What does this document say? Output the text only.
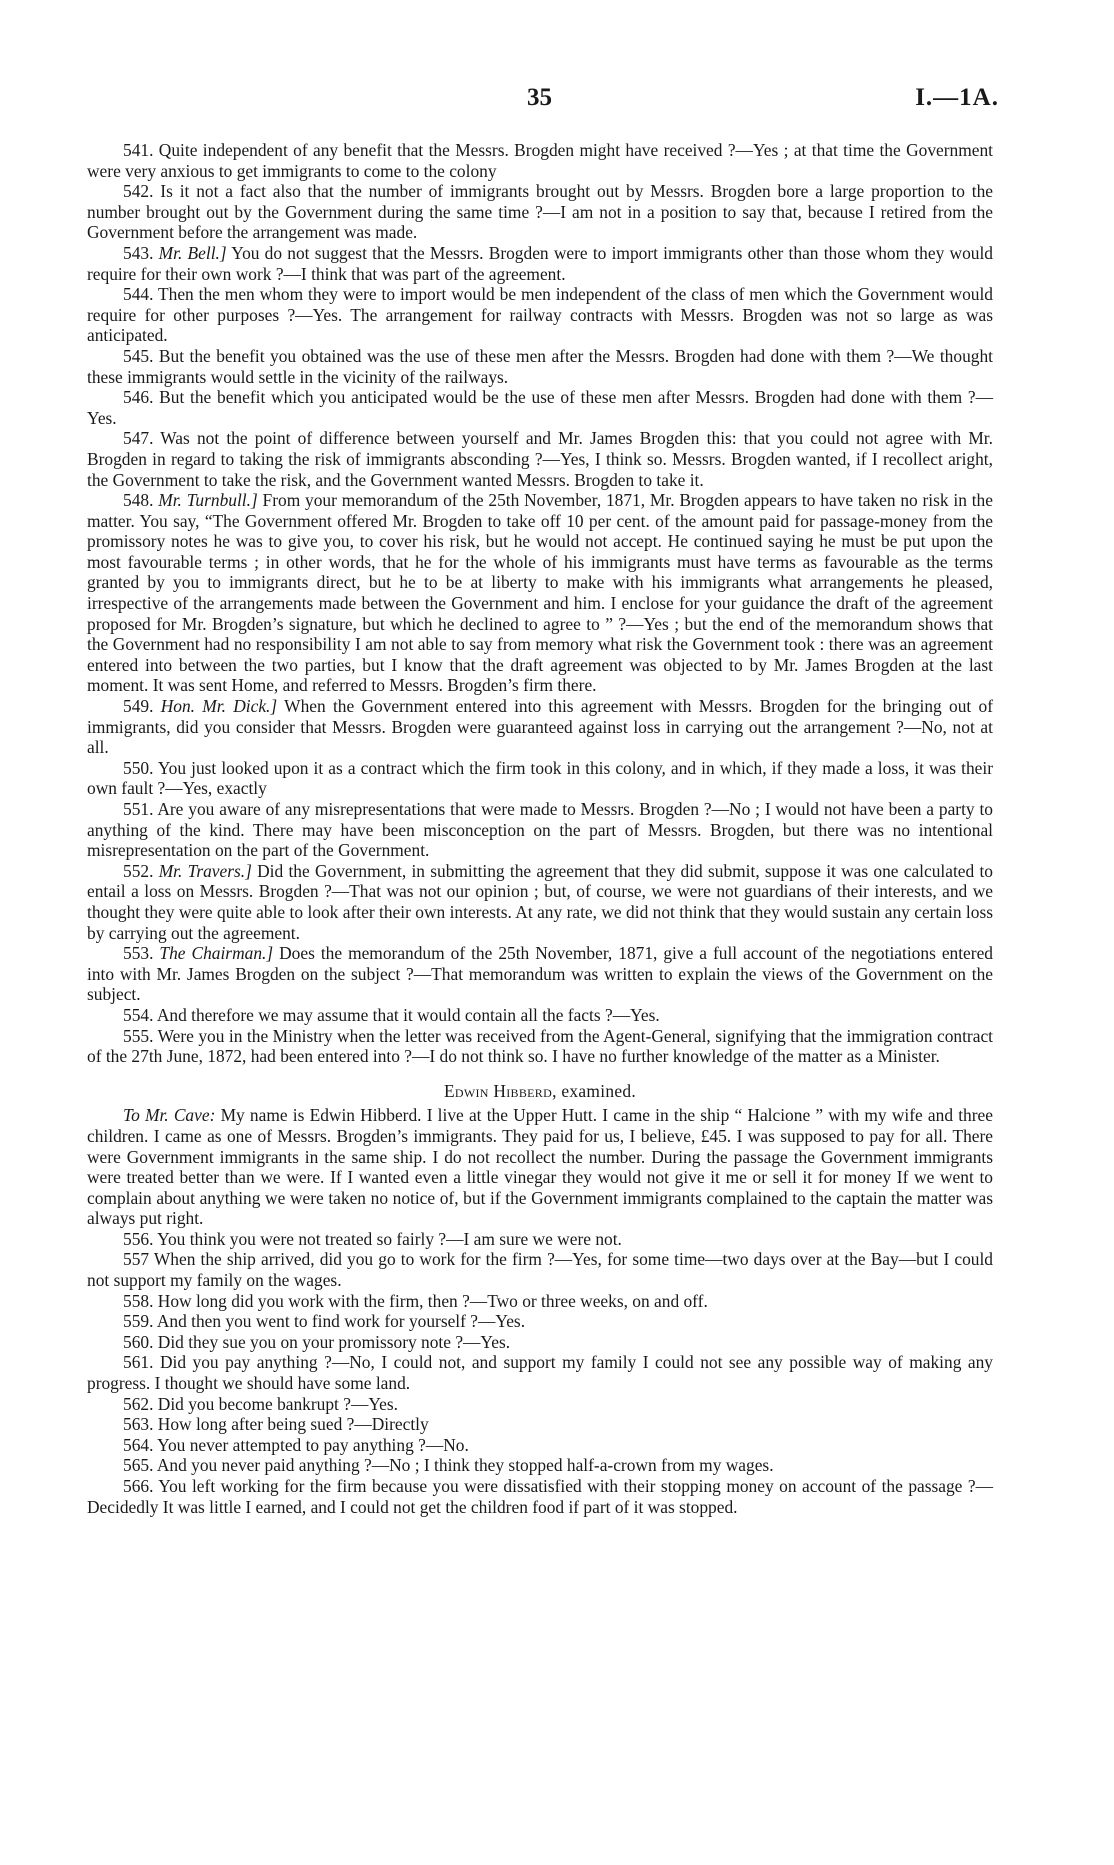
35	I.—1A.

541. Quite independent of any benefit that the Messrs. Brogden might have received ?—Yes ; at that time the Government were very anxious to get immigrants to come to the colony

542. Is it not a fact also that the number of immigrants brought out by Messrs. Brogden bore a large proportion to the number brought out by the Government during the same time ?—I am not in a position to say that, because I retired from the Government before the arrangement was made.

543. Mr. Bell.] You do not suggest that the Messrs. Brogden were to import immigrants other than those whom they would require for their own work ?—I think that was part of the agreement.

544. Then the men whom they were to import would be men independent of the class of men which the Government would require for other purposes ?—Yes. The arrangement for railway contracts with Messrs. Brogden was not so large as was anticipated.

545. But the benefit you obtained was the use of these men after the Messrs. Brogden had done with them ?—We thought these immigrants would settle in the vicinity of the railways.

546. But the benefit which you anticipated would be the use of these men after Messrs. Brogden had done with them ?—Yes.

547. Was not the point of difference between yourself and Mr. James Brogden this: that you could not agree with Mr. Brogden in regard to taking the risk of immigrants absconding ?—Yes, I think so. Messrs. Brogden wanted, if I recollect aright, the Government to take the risk, and the Government wanted Messrs. Brogden to take it.

548. Mr. Turnbull.] From your memorandum of the 25th November, 1871, Mr. Brogden appears to have taken no risk in the matter. You say, “The Government offered Mr. Brogden to take off 10 per cent. of the amount paid for passage-money from the promissory notes he was to give you, to cover his risk, but he would not accept. He continued saying he must be put upon the most favourable terms ; in other words, that he for the whole of his immigrants must have terms as favourable as the terms granted by you to immigrants direct, but he to be at liberty to make with his immigrants what arrangements he pleased, irrespective of the arrangements made between the Government and him. I enclose for your guidance the draft of the agreement proposed for Mr. Brogden’s signature, but which he declined to agree to ” ?—Yes ; but the end of the memorandum shows that the Government had no responsibility I am not able to say from memory what risk the Government took : there was an agreement entered into between the two parties, but I know that the draft agreement was objected to by Mr. James Brogden at the last moment. It was sent Home, and referred to Messrs. Brogden’s firm there.

549. Hon. Mr. Dick.] When the Government entered into this agreement with Messrs. Brogden for the bringing out of immigrants, did you consider that Messrs. Brogden were guaranteed against loss in carrying out the arrangement ?—No, not at all.

550. You just looked upon it as a contract which the firm took in this colony, and in which, if they made a loss, it was their own fault ?—Yes, exactly

551. Are you aware of any misrepresentations that were made to Messrs. Brogden ?—No ; I would not have been a party to anything of the kind. There may have been misconception on the part of Messrs. Brogden, but there was no intentional misrepresentation on the part of the Government.

552. Mr. Travers.] Did the Government, in submitting the agreement that they did submit, suppose it was one calculated to entail a loss on Messrs. Brogden ?—That was not our opinion ; but, of course, we were not guardians of their interests, and we thought they were quite able to look after their own interests. At any rate, we did not think that they would sustain any certain loss by carrying out the agreement.

553. The Chairman.] Does the memorandum of the 25th November, 1871, give a full account of the negotiations entered into with Mr. James Brogden on the subject ?—That memorandum was written to explain the views of the Government on the subject.

554. And therefore we may assume that it would contain all the facts ?—Yes.

555. Were you in the Ministry when the letter was received from the Agent-General, signifying that the immigration contract of the 27th June, 1872, had been entered into ?—I do not think so. I have no further knowledge of the matter as a Minister.

Edwin Hibberd, examined.

To Mr. Cave: My name is Edwin Hibberd. I live at the Upper Hutt. I came in the ship “ Halcione ” with my wife and three children. I came as one of Messrs. Brogden’s immigrants. They paid for us, I believe, £45. I was supposed to pay for all. There were Government immigrants in the same ship. I do not recollect the number. During the passage the Government immigrants were treated better than we were. If I wanted even a little vinegar they would not give it me or sell it for money If we went to complain about anything we were taken no notice of, but if the Government immigrants complained to the captain the matter was always put right.

556. You think you were not treated so fairly ?—I am sure we were not.

557 When the ship arrived, did you go to work for the firm ?—Yes, for some time—two days over at the Bay—but I could not support my family on the wages.

558. How long did you work with the firm, then ?—Two or three weeks, on and off.

559. And then you went to find work for yourself ?—Yes.

560. Did they sue you on your promissory note ?—Yes.

561. Did you pay anything ?—No, I could not, and support my family I could not see any possible way of making any progress. I thought we should have some land.

562. Did you become bankrupt ?—Yes.

563. How long after being sued ?—Directly

564. You never attempted to pay anything ?—No.

565. And you never paid anything ?—No ; I think they stopped half-a-crown from my wages.

566. You left working for the firm because you were dissatisfied with their stopping money on account of the passage ?—Decidedly It was little I earned, and I could not get the children food if part of it was stopped.
